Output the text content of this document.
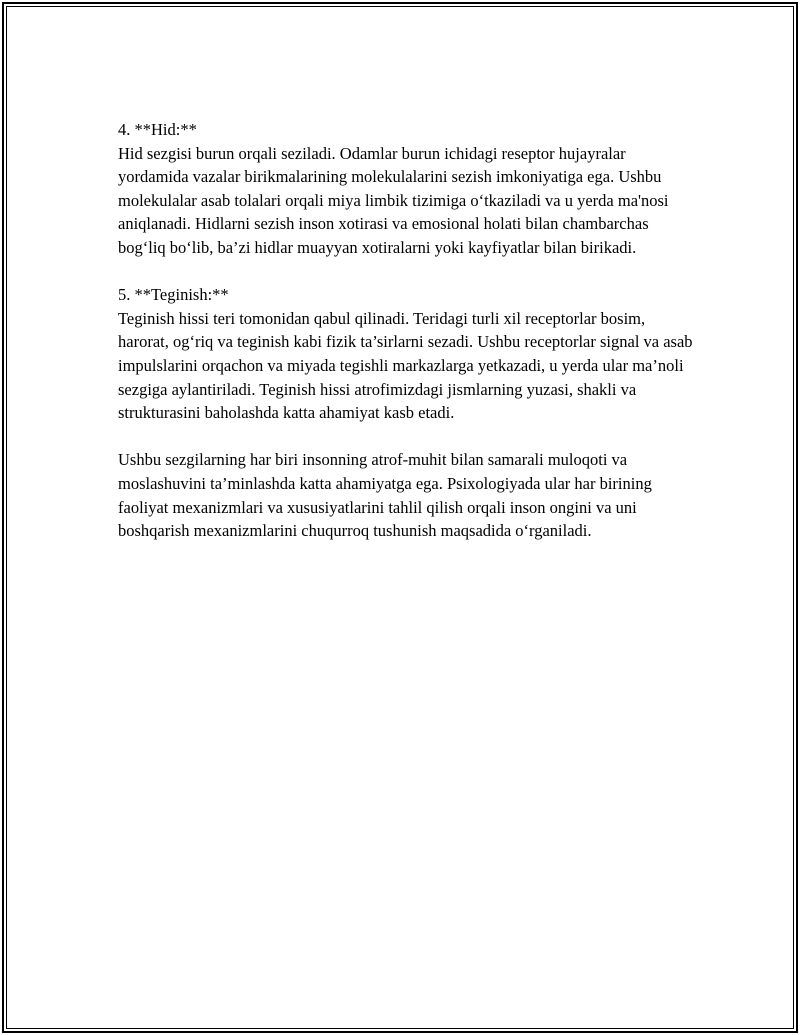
4. **Hid:**
Hid sezgisi burun orqali seziladi. Odamlar burun ichidagi reseptor hujayralar yordamida vazalar birikmalarining molekulalarini sezish imkoniyatiga ega. Ushbu molekulalar asab tolalari orqali miya limbik tizimiga o‘tkaziladi va u yerda ma'nosi aniqlanadi. Hidlarni sezish inson xotirasi va emosional holati bilan chambarchas bog‘liq bo‘lib, ba’zi hidlar muayyan xotiralarni yoki kayfiyatlar bilan birikadi.
5. **Teginish:**
Teginish hissi teri tomonidan qabul qilinadi. Teridagi turli xil receptorlar bosim, harorat, og‘riq va teginish kabi fizik ta’sirlarni sezadi. Ushbu receptorlar signal va asab impulslarini orqachon va miyada tegishli markazlarga yetkazadi, u yerda ular ma’noli sezgiga aylantiriladi. Teginish hissi atrofimizdagi jismlarning yuzasi, shakli va strukturasini baholashda katta ahamiyat kasb etadi.
Ushbu sezgilarning har biri insonning atrof-muhit bilan samarali muloqoti va moslashuvini ta’minlashda katta ahamiyatga ega. Psixologiyada ular har birining faoliyat mexanizmlari va xususiyatlarini tahlil qilish orqali inson ongini va uni boshqarish mexanizmlarini chuqurroq tushunish maqsadida o‘rganiladi.
